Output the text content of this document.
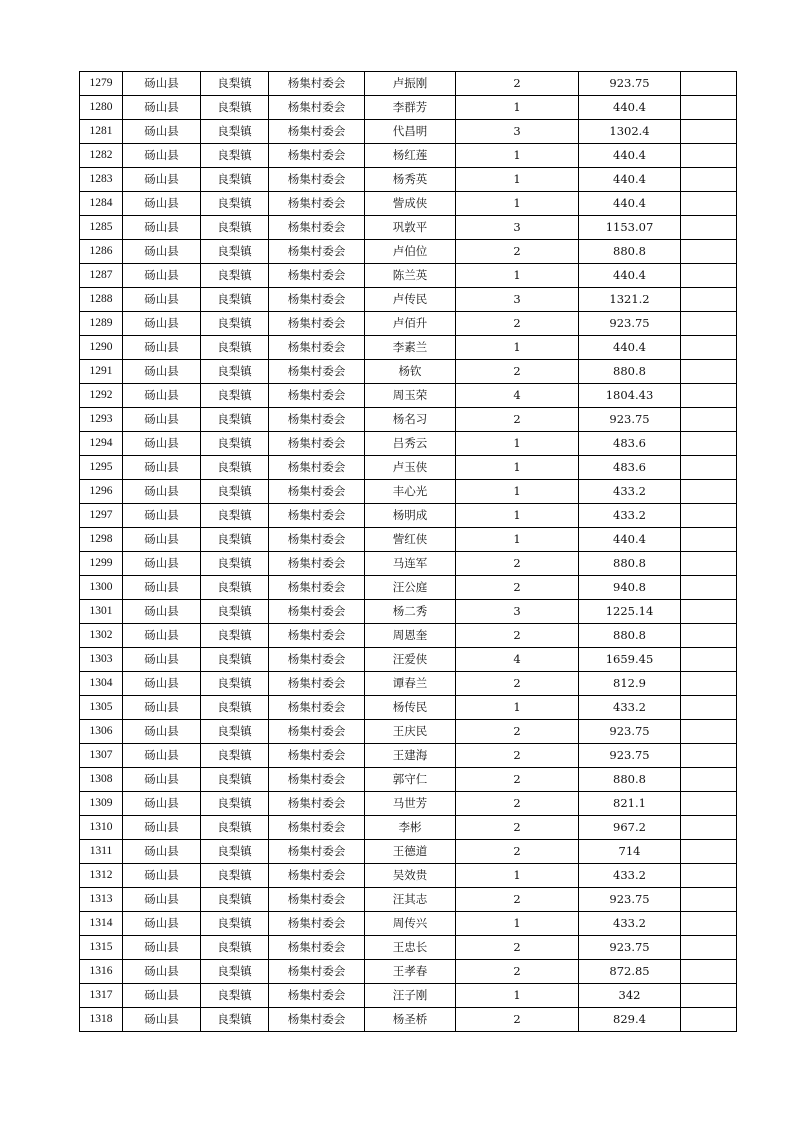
1279	砀山县	良梨镇	杨集村委会	卢振刚	2	923.75	
1280	砀山县	良梨镇	杨集村委会	李群芳	1	440.4	
1281	砀山县	良梨镇	杨集村委会	代昌明	3	1302.4	
1282	砀山县	良梨镇	杨集村委会	杨红莲	1	440.4	
1283	砀山县	良梨镇	杨集村委会	杨秀英	1	440.4	
1284	砀山县	良梨镇	杨集村委会	訾成侠	1	440.4	
1285	砀山县	良梨镇	杨集村委会	巩敦平	3	1153.07	
1286	砀山县	良梨镇	杨集村委会	卢伯位	2	880.8	
1287	砀山县	良梨镇	杨集村委会	陈兰英	1	440.4	
1288	砀山县	良梨镇	杨集村委会	卢传民	3	1321.2	
1289	砀山县	良梨镇	杨集村委会	卢佰升	2	923.75	
1290	砀山县	良梨镇	杨集村委会	李素兰	1	440.4	
1291	砀山县	良梨镇	杨集村委会	杨钦	2	880.8	
1292	砀山县	良梨镇	杨集村委会	周玉荣	4	1804.43	
1293	砀山县	良梨镇	杨集村委会	杨名习	2	923.75	
1294	砀山县	良梨镇	杨集村委会	吕秀云	1	483.6	
1295	砀山县	良梨镇	杨集村委会	卢玉侠	1	483.6	
1296	砀山县	良梨镇	杨集村委会	丰心光	1	433.2	
1297	砀山县	良梨镇	杨集村委会	杨明成	1	433.2	
1298	砀山县	良梨镇	杨集村委会	訾红侠	1	440.4	
1299	砀山县	良梨镇	杨集村委会	马连军	2	880.8	
1300	砀山县	良梨镇	杨集村委会	汪公庭	2	940.8	
1301	砀山县	良梨镇	杨集村委会	杨二秀	3	1225.14	
1302	砀山县	良梨镇	杨集村委会	周恩奎	2	880.8	
1303	砀山县	良梨镇	杨集村委会	汪爱侠	4	1659.45	
1304	砀山县	良梨镇	杨集村委会	谭春兰	2	812.9	
1305	砀山县	良梨镇	杨集村委会	杨传民	1	433.2	
1306	砀山县	良梨镇	杨集村委会	王庆民	2	923.75	
1307	砀山县	良梨镇	杨集村委会	王建海	2	923.75	
1308	砀山县	良梨镇	杨集村委会	郭守仁	2	880.8	
1309	砀山县	良梨镇	杨集村委会	马世芳	2	821.1	
1310	砀山县	良梨镇	杨集村委会	李彬	2	967.2	
1311	砀山县	良梨镇	杨集村委会	王德道	2	714	
1312	砀山县	良梨镇	杨集村委会	吴效贵	1	433.2	
1313	砀山县	良梨镇	杨集村委会	汪其志	2	923.75	
1314	砀山县	良梨镇	杨集村委会	周传兴	1	433.2	
1315	砀山县	良梨镇	杨集村委会	王忠长	2	923.75	
1316	砀山县	良梨镇	杨集村委会	王孝春	2	872.85	
1317	砀山县	良梨镇	杨集村委会	汪子刚	1	342	
1318	砀山县	良梨镇	杨集村委会	杨圣桥	2	829.4	
